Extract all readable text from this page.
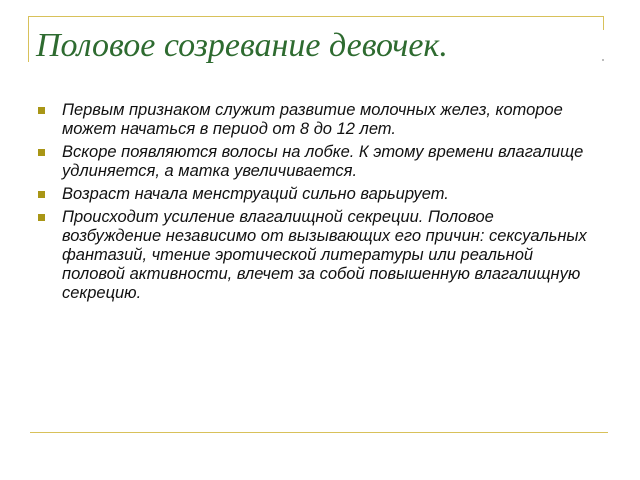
Половое созревание девочек.
Первым признаком служит развитие молочных желез, которое может начаться в период от 8 до 12 лет.
Вскоре появляются волосы на лобке. К этому времени влагалище удлиняется, а матка увеличивается.
Возраст начала менструаций сильно варьирует.
Происходит усиление влагалищной секреции. Половое возбуждение независимо от вызывающих его причин: сексуальных фантазий, чтение эротической литературы или реальной половой активности, влечет за собой повышенную влагалищную секрецию.
